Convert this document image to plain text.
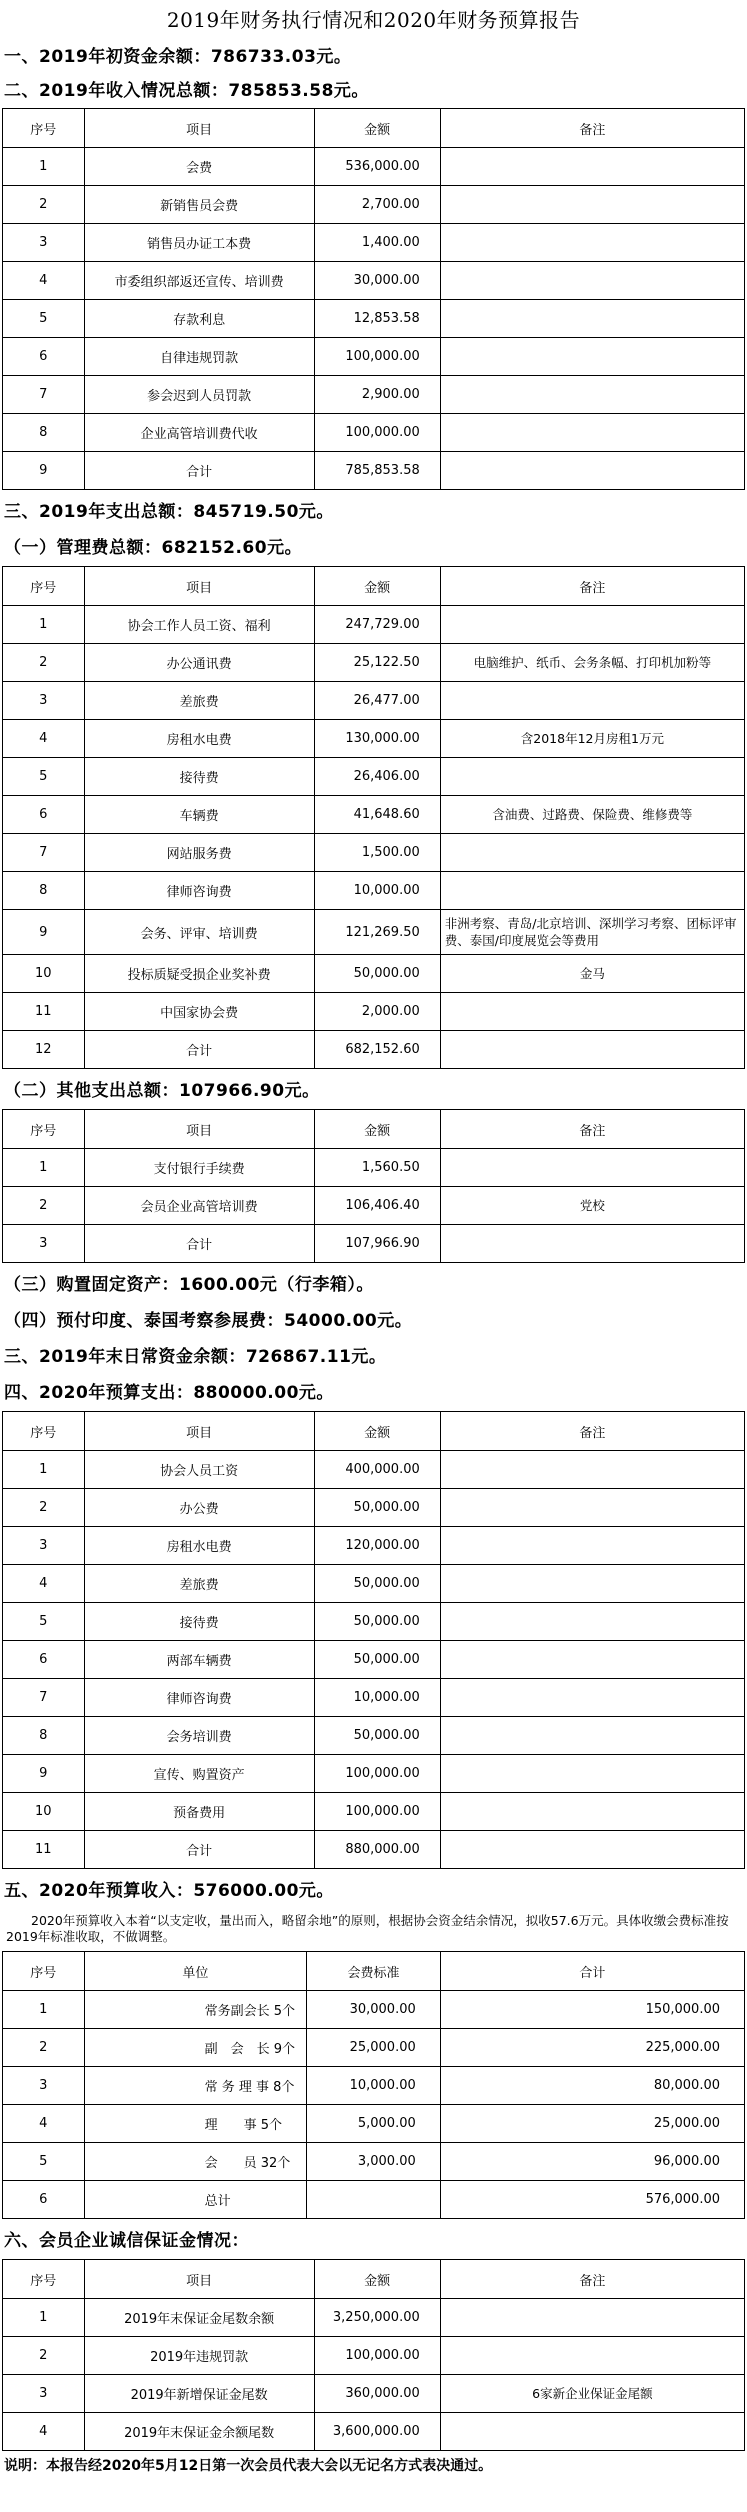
2019年财务执行情况和2020年财务预算报告
一、2019年初资金余额：786733.03元。
二、2019年收入情况总额：785853.58元。
序号	项目	金额	备注
1	会费	536,000.00	
2	新销售员会费	2,700.00	
3	销售员办证工本费	1,400.00	
4	市委组织部返还宣传、培训费	30,000.00	
5	存款利息	12,853.58	
6	自律违规罚款	100,000.00	
7	参会迟到人员罚款	2,900.00	
8	企业高管培训费代收	100,000.00	
9	合计	785,853.58	
三、2019年支出总额：845719.50元。
（一）管理费总额：682152.60元。
序号	项目	金额	备注
1	协会工作人员工资、福利	247,729.00	
2	办公通讯费	25,122.50	电脑维护、纸币、会务条幅、打印机加粉等
3	差旅费	26,477.00	
4	房租水电费	130,000.00	含2018年12月房租1万元
5	接待费	26,406.00	
6	车辆费	41,648.60	含油费、过路费、保险费、维修费等
7	网站服务费	1,500.00	
8	律师咨询费	10,000.00	
9	会务、评审、培训费	121,269.50	非洲考察、青岛/北京培训、深圳学习考察、团标评审费、泰国/印度展览会等费用
10	投标质疑受损企业奖补费	50,000.00	金马
11	中国家协会费	2,000.00	
12	合计	682,152.60	
（二）其他支出总额：107966.90元。
序号	项目	金额	备注
1	支付银行手续费	1,560.50	
2	会员企业高管培训费	106,406.40	党校
3	合计	107,966.90	
（三）购置固定资产：1600.00元（行李箱）。
（四）预付印度、泰国考察参展费：54000.00元。
三、2019年末日常资金余额：726867.11元。
四、2020年预算支出：880000.00元。
序号	项目	金额	备注
1	协会人员工资	400,000.00	
2	办公费	50,000.00	
3	房租水电费	120,000.00	
4	差旅费	50,000.00	
5	接待费	50,000.00	
6	两部车辆费	50,000.00	
7	律师咨询费	10,000.00	
8	会务培训费	50,000.00	
9	宣传、购置资产	100,000.00	
10	预备费用	100,000.00	
11	合计	880,000.00	
五、2020年预算收入：576000.00元。
2020年预算收入本着“以支定收，量出而入，略留余地”的原则，根据协会资金结余情况，拟收57.6万元。具体收缴会费标准按2019年标准收取，不做调整。
序号	单位	会费标准	合计
1	常务副会长 5个	30,000.00	150,000.00
2	副　会　长 9个	25,000.00	225,000.00
3	常 务 理 事 8个	10,000.00	80,000.00
4	理　　事 5个	5,000.00	25,000.00
5	会　　员 32个	3,000.00	96,000.00
6	总计		576,000.00
六、会员企业诚信保证金情况：
序号	项目	金额	备注
1	2019年末保证金尾数余额	3,250,000.00	
2	2019年违规罚款	100,000.00	
3	2019年新增保证金尾数	360,000.00	6家新企业保证金尾额
4	2019年末保证金余额尾数	3,600,000.00	
说明：本报告经2020年5月12日第一次会员代表大会以无记名方式表决通过。
